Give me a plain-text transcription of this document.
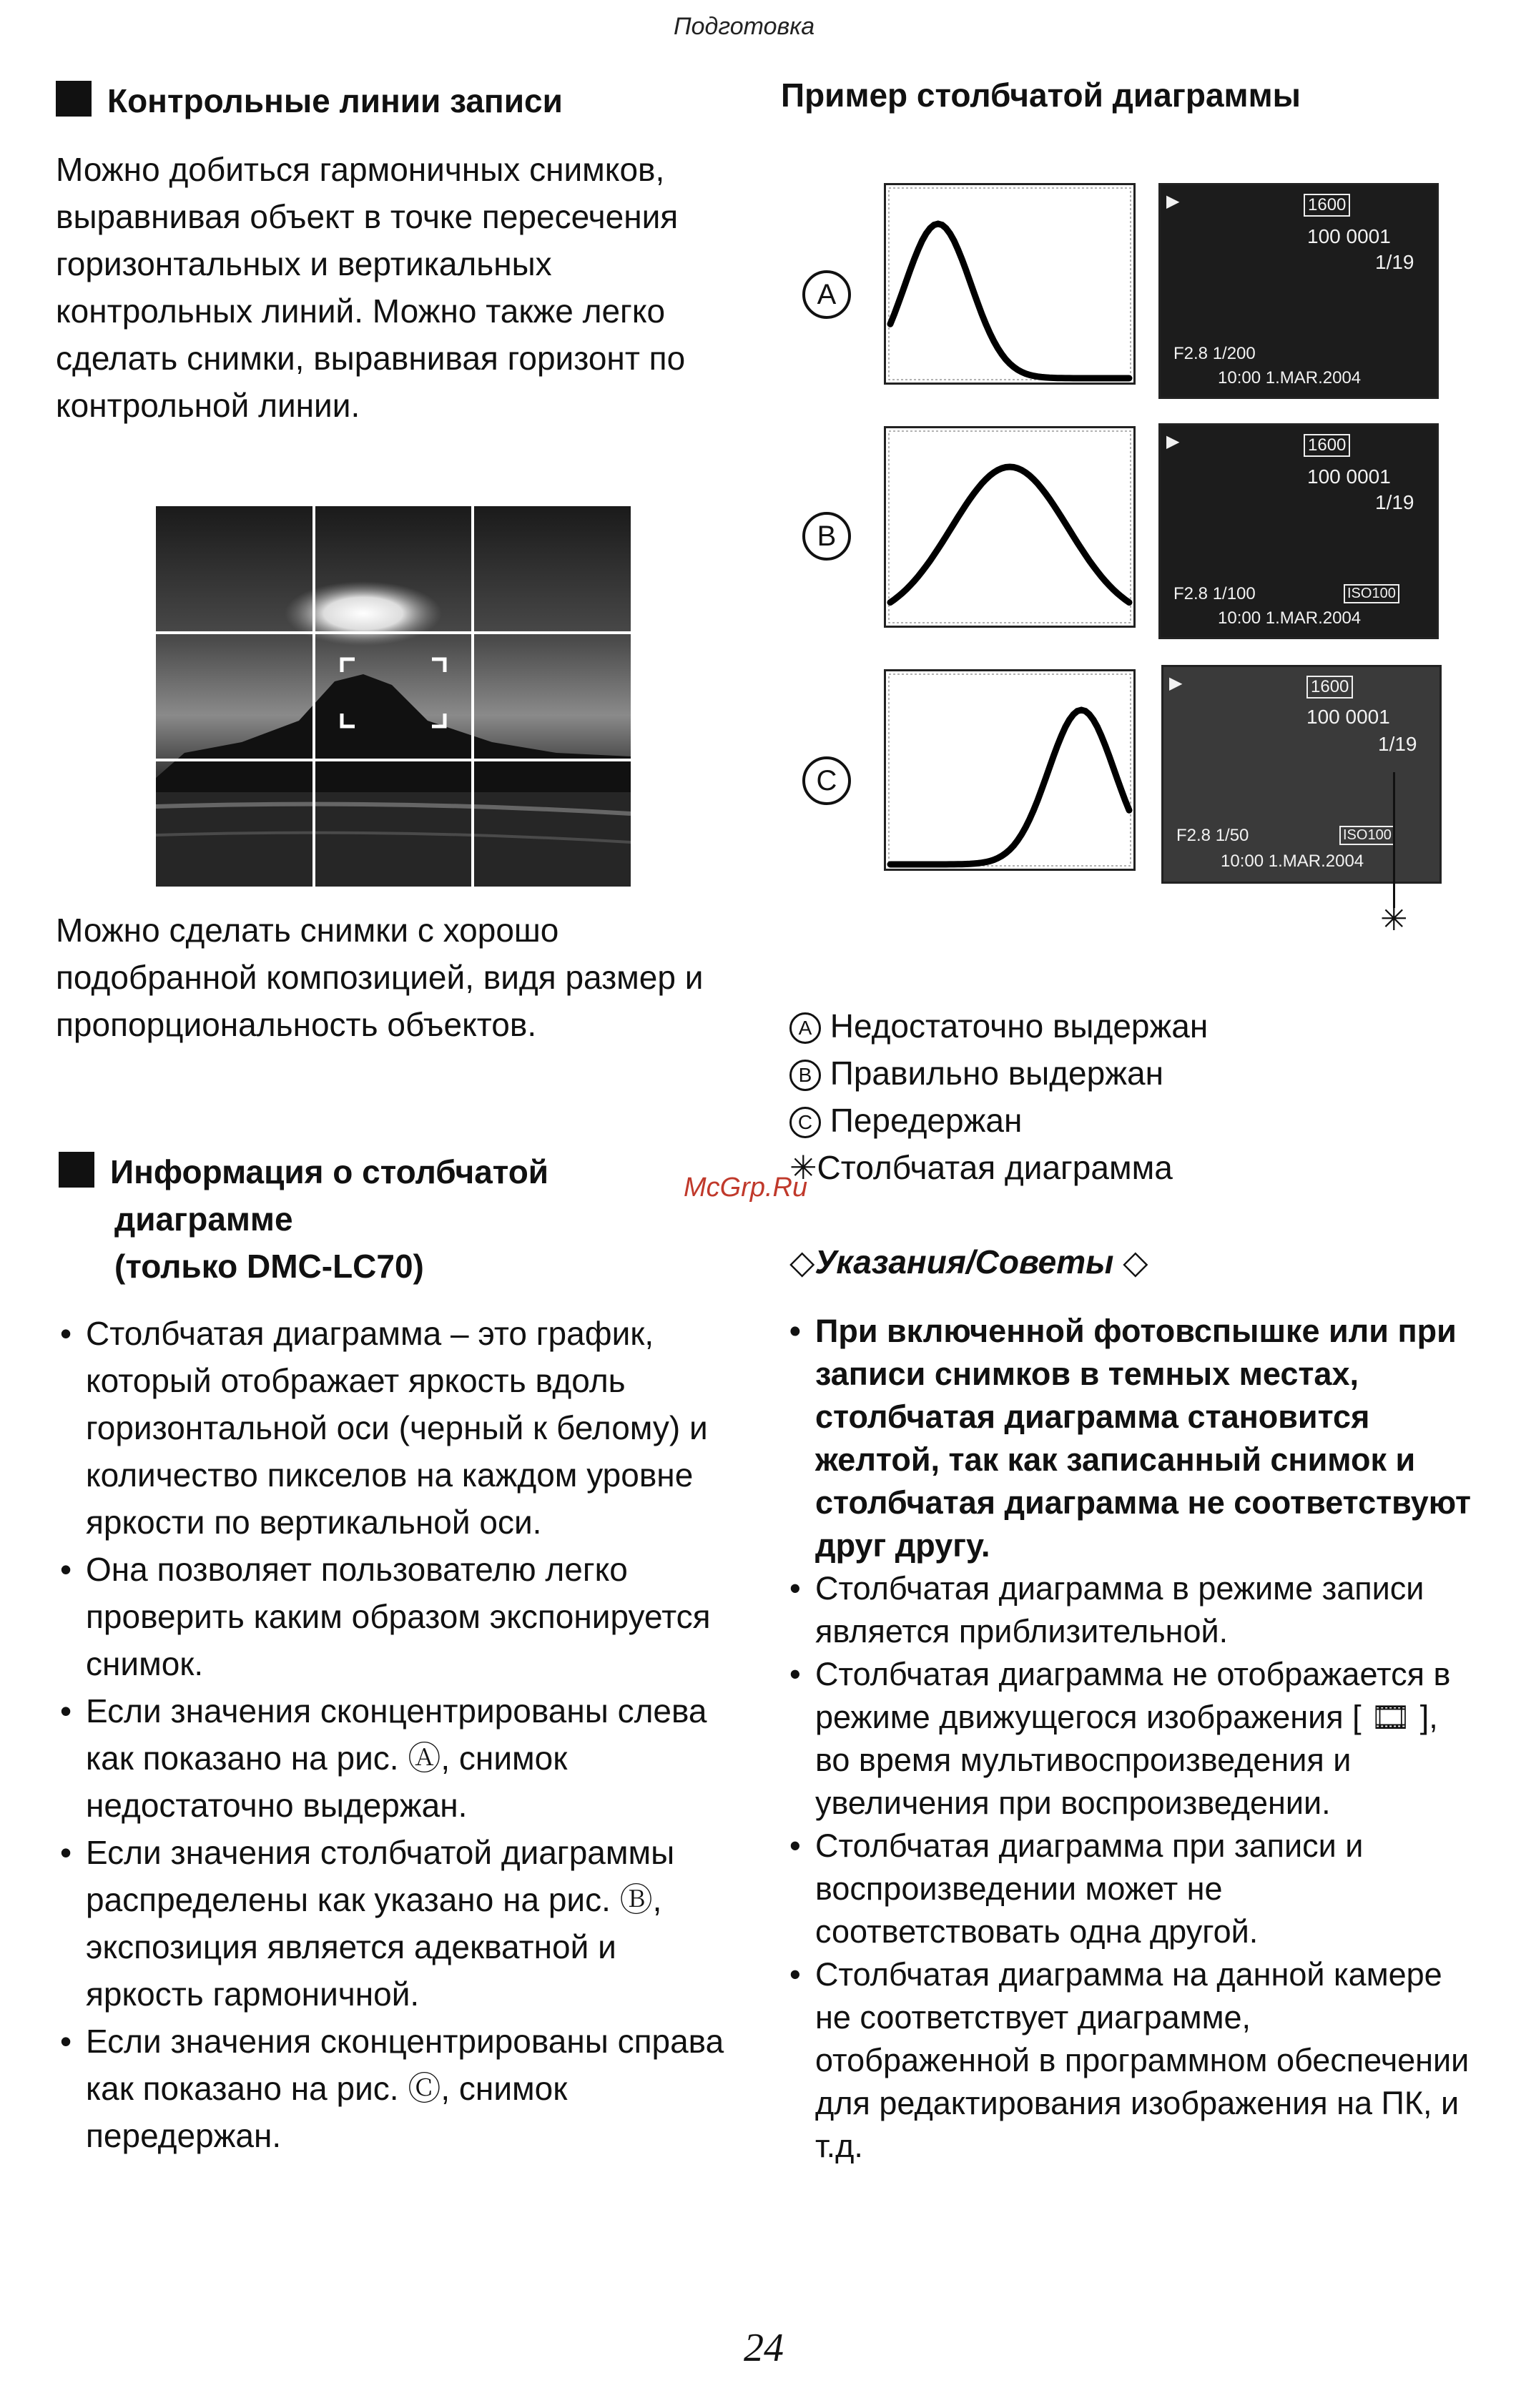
Подготовка
Контрольные линии записи
Можно добиться гармоничных снимков, выравнивая объект в точке пересечения горизонтальных и вертикальных контрольных линий. Можно также легко сделать снимки, выравнивая горизонт по контрольной линии.
Можно сделать снимки с хорошо подобранной композицией, видя размер и пропорциональность объектов.
Информация о столбчатой
диаграмме
(только DMC-LC70)
• Столбчатая диаграмма – это график, который отображает яркость вдоль горизонтальной оси (черный к белому) и количество пикселов на каждом уровне яркости по вертикальной оси.
• Она позволяет пользователю легко проверить каким образом экспонируется снимок.
• Если значения сконцентрированы слева как показано на рис. Ⓐ, снимок недостаточно выдержан.
• Если значения столбчатой диаграммы распределены как указано на рис. Ⓑ, экспозиция является адекватной и яркость гармоничной.
• Если значения сконцентрированы справа как показано на рис. Ⓒ, снимок передержан.
Пример столбчатой диаграммы
A
▶	1600
100 0001
1/19
F2.8 1/200
10:00 1.MAR.2004
B
▶	1600
100 0001
1/19
F2.8 1/100	ISO100
10:00 1.MAR.2004
C
▶	1600
100 0001
1/19
F2.8 1/50	ISO100
10:00 1.MAR.2004
✳
A Недостаточно выдержан
B Правильно выдержан
C Передержан
✳Столбчатая диаграмма
McGrp.Ru
◇Указания/Советы ◇
• При включенной фотовспышке или при записи снимков в темных местах, столбчатая диаграмма становится желтой, так как записанный снимок и столбчатая диаграмма не соответствуют друг другу.
• Столбчатая диаграмма в режиме записи является приблизительной.
• Столбчатая диаграмма не отображается в режиме движущегося изображения [ 🎞 ], во время мультивоспроизведения и увеличения при воспроизведении.
• Столбчатая диаграмма при записи и воспроизведении может не соответствовать одна другой.
• Столбчатая диаграмма на данной камере не соответствует диаграмме, отображенной в программном обеспечении для редактирования изображения на ПК, и т.д.
24
